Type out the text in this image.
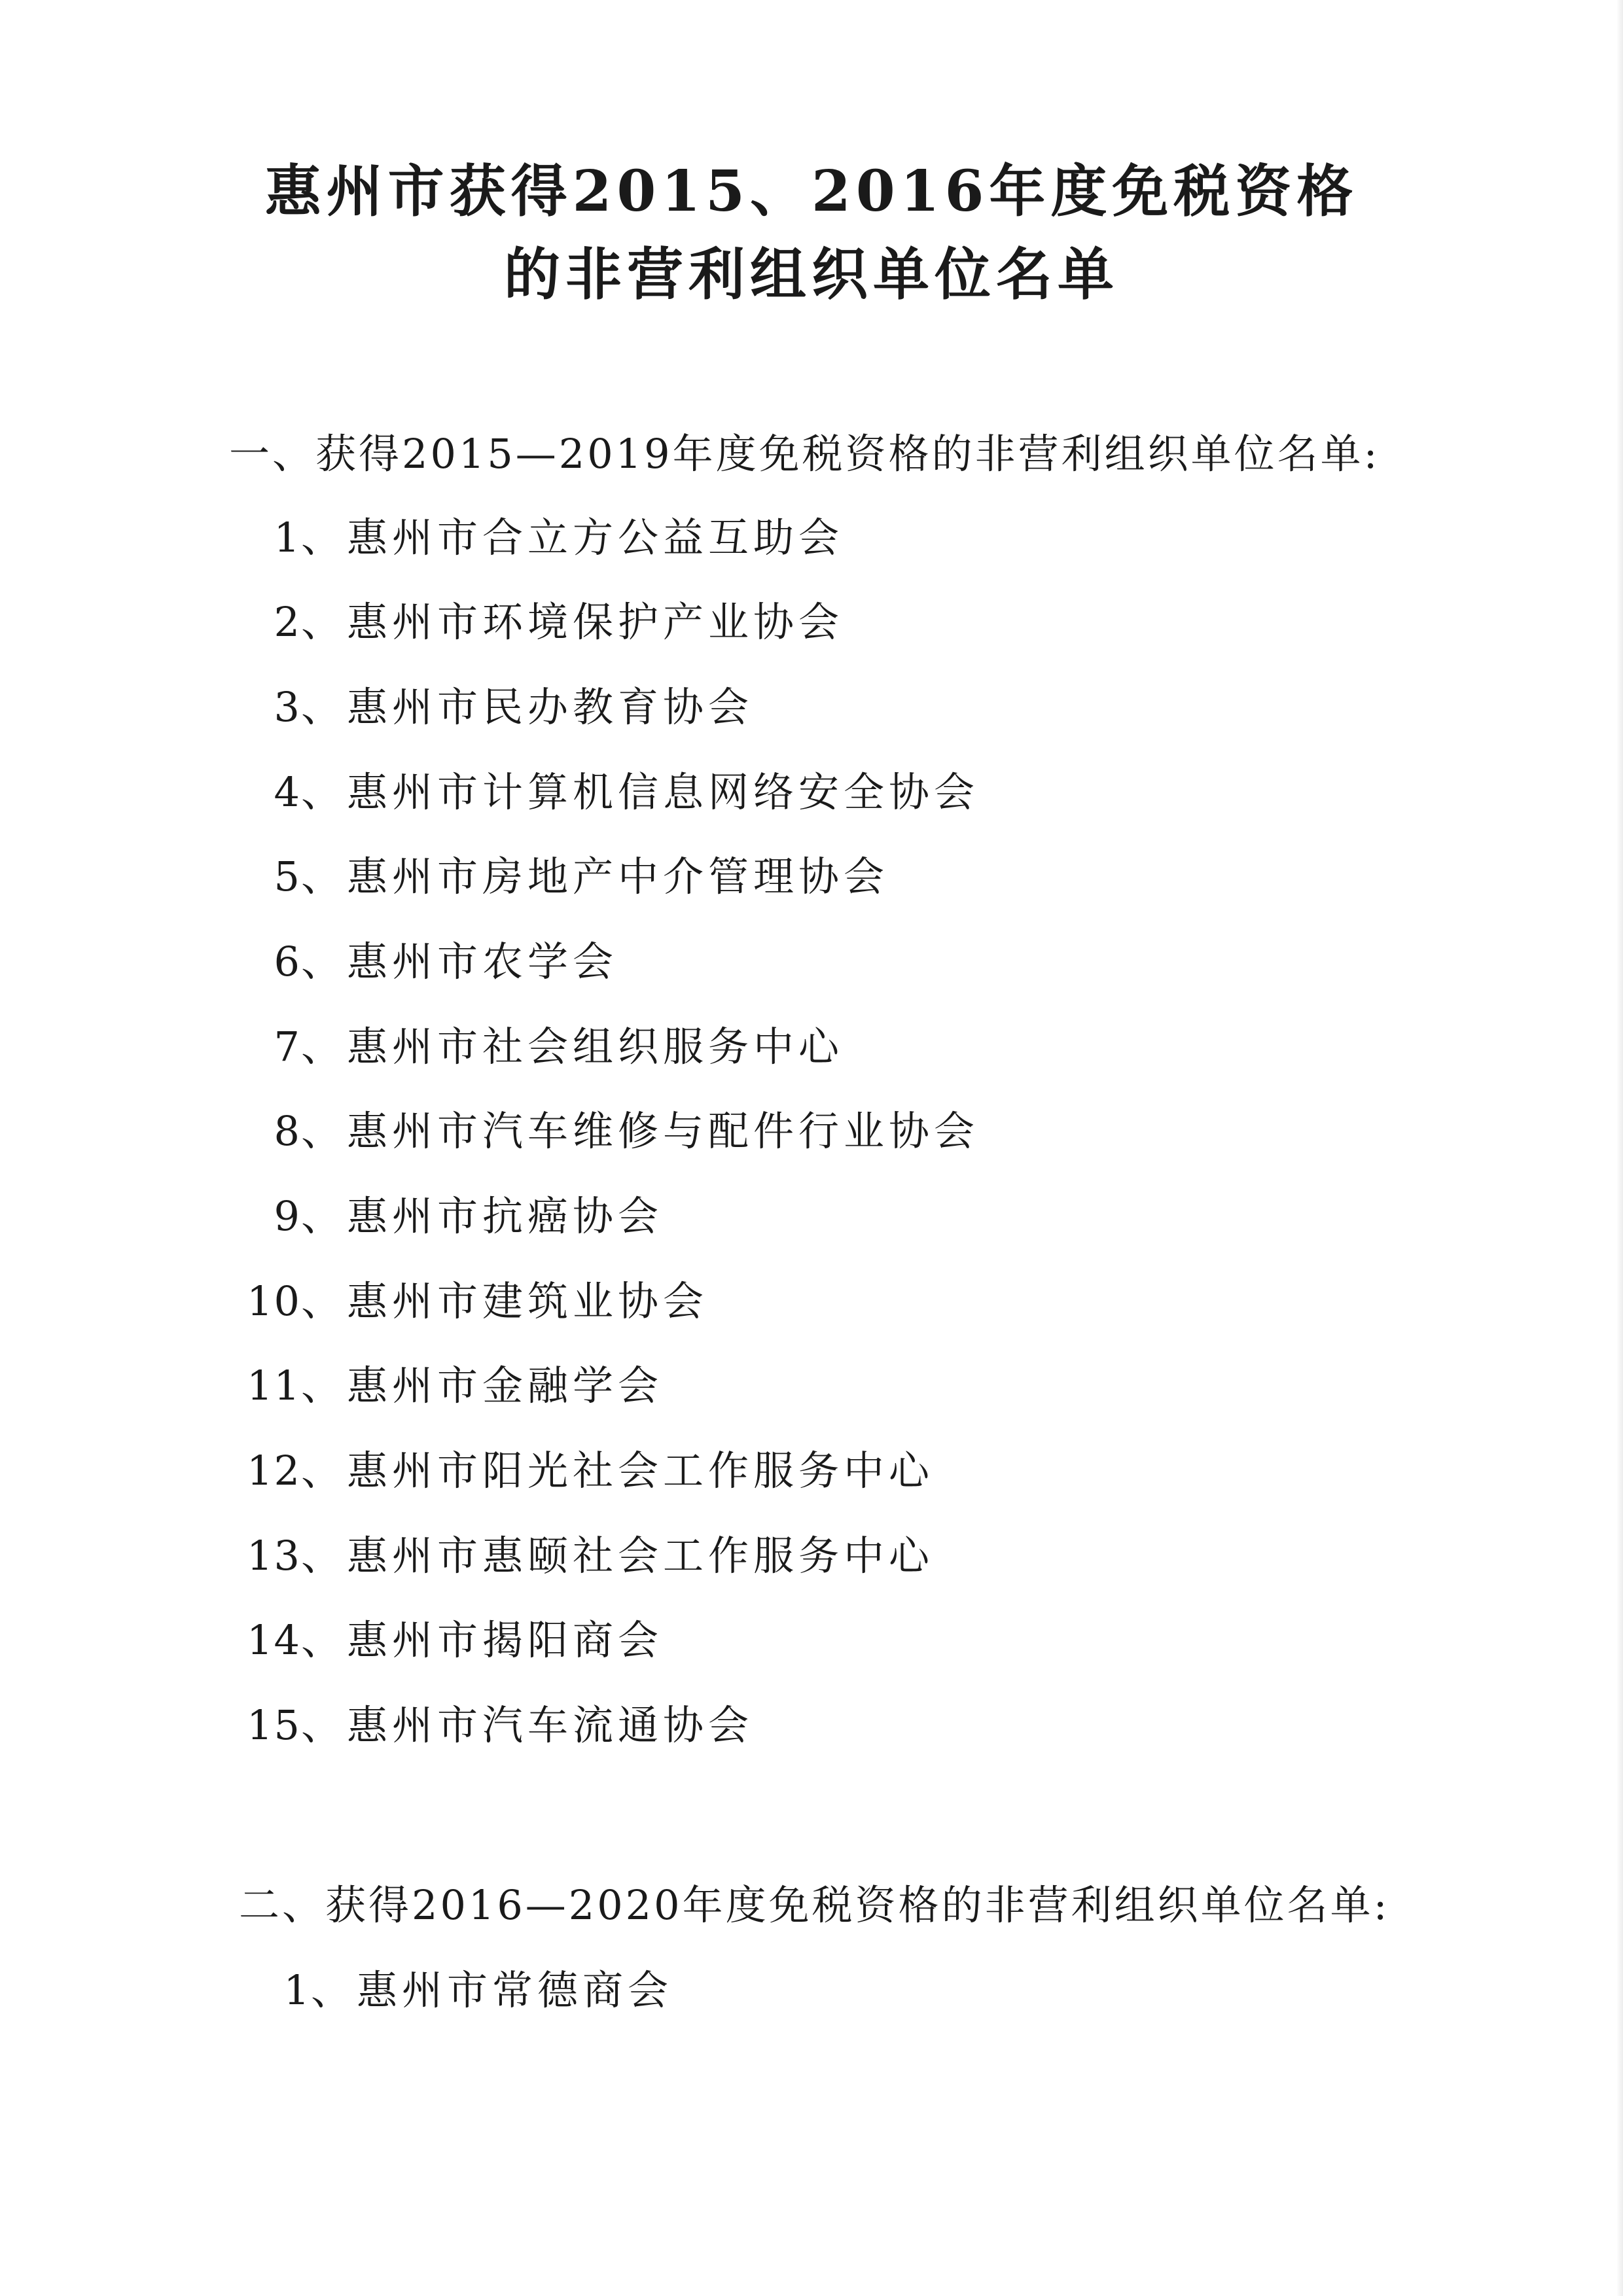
惠州市获得2015、2016年度免税资格
的非营利组织单位名单
一、获得2015—2019年度免税资格的非营利组织单位名单:
1、惠州市合立方公益互助会
2、惠州市环境保护产业协会
3、惠州市民办教育协会
4、惠州市计算机信息网络安全协会
5、惠州市房地产中介管理协会
6、惠州市农学会
7、惠州市社会组织服务中心
8、惠州市汽车维修与配件行业协会
9、惠州市抗癌协会
10、惠州市建筑业协会
11、惠州市金融学会
12、惠州市阳光社会工作服务中心
13、惠州市惠颐社会工作服务中心
14、惠州市揭阳商会
15、惠州市汽车流通协会
二、获得2016—2020年度免税资格的非营利组织单位名单:
1、惠州市常德商会
